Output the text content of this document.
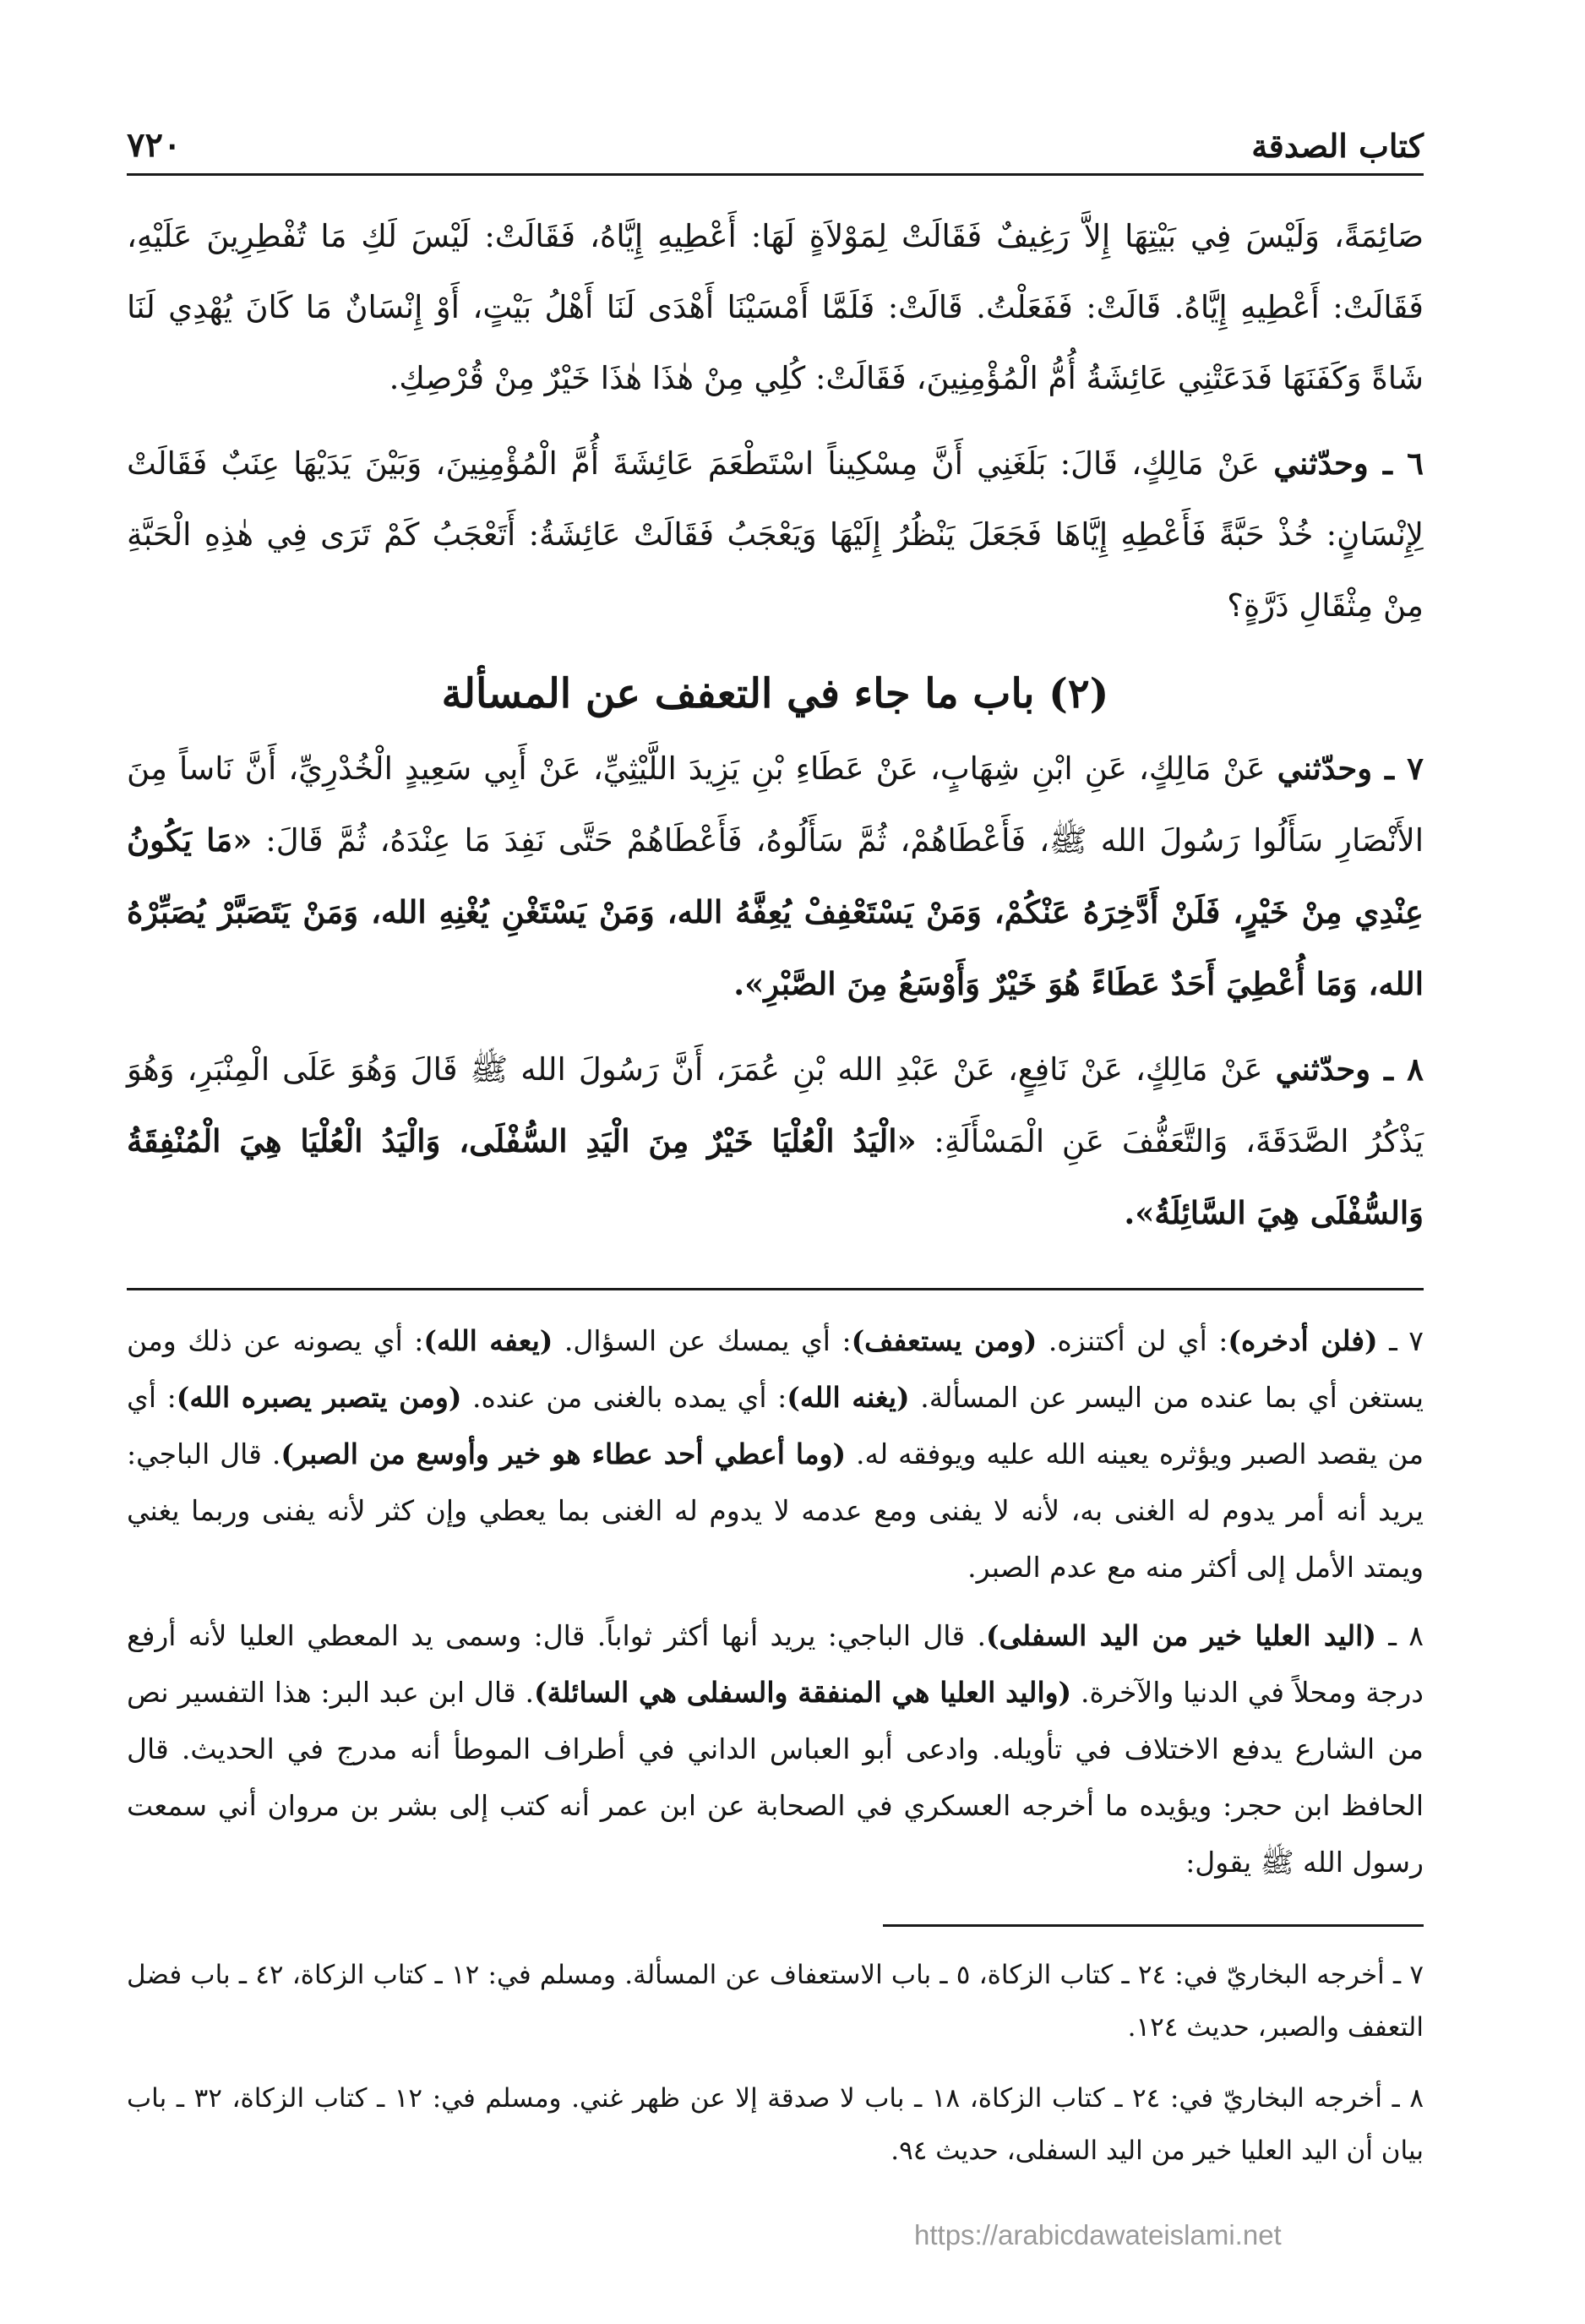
كتاب الصدقة
٧٢٠

صَائِمَةً، وَلَيْسَ فِي بَيْتِهَا إِلاَّ رَغِيفٌ فَقَالَتْ لِمَوْلاَةٍ لَهَا: أَعْطِيهِ إِيَّاهُ، فَقَالَتْ: لَيْسَ لَكِ مَا تُفْطِرِينَ عَلَيْهِ، فَقَالَتْ: أَعْطِيهِ إِيَّاهُ. قَالَتْ: فَفَعَلْتُ. قَالَتْ: فَلَمَّا أَمْسَيْنَا أَهْدَى لَنَا أَهْلُ بَيْتٍ، أَوْ إِنْسَانٌ مَا كَانَ يُهْدِي لَنَا شَاةً وَكَفَنَهَا فَدَعَتْنِي عَائِشَةُ أُمُّ الْمُؤْمِنِينَ، فَقَالَتْ: كُلِي مِنْ هٰذَا هٰذَا خَيْرٌ مِنْ قُرْصِكِ.

٦ ـ وحدّثني عَنْ مَالِكٍ، قَالَ: بَلَغَنِي أَنَّ مِسْكِيناً اسْتَطْعَمَ عَائِشَةَ أُمَّ الْمُؤْمِنِينَ، وَبَيْنَ يَدَيْهَا عِنَبٌ فَقَالَتْ لِإِنْسَانٍ: خُذْ حَبَّةً فَأَعْطِهِ إِيَّاهَا فَجَعَلَ يَنْظُرُ إِلَيْهَا وَيَعْجَبُ فَقَالَتْ عَائِشَةُ: أَتَعْجَبُ كَمْ تَرَى فِي هٰذِهِ الْحَبَّةِ مِنْ مِثْقَالِ ذَرَّةٍ؟

(٢) باب ما جاء في التعفف عن المسألة

٧ ـ وحدّثني عَنْ مَالِكٍ، عَنِ ابْنِ شِهَابٍ، عَنْ عَطَاءِ بْنِ يَزِيدَ اللَّيْثِيِّ، عَنْ أَبِي سَعِيدٍ الْخُدْرِيِّ، أَنَّ نَاساً مِنَ الأَنْصَارِ سَأَلُوا رَسُولَ الله ﷺ، فَأَعْطَاهُمْ، ثُمَّ سَأَلُوهُ، فَأَعْطَاهُمْ حَتَّى نَفِدَ مَا عِنْدَهُ، ثُمَّ قَالَ: «مَا يَكُونُ عِنْدِي مِنْ خَيْرٍ، فَلَنْ أَدَّخِرَهُ عَنْكُمْ، وَمَنْ يَسْتَعْفِفْ يُعِفَّهُ الله، وَمَنْ يَسْتَغْنِ يُغْنِهِ الله، وَمَنْ يَتَصَبَّرْ يُصَبِّرْهُ الله، وَمَا أُعْطِيَ أَحَدٌ عَطَاءً هُوَ خَيْرٌ وَأَوْسَعُ مِنَ الصَّبْرِ».

٨ ـ وحدّثني عَنْ مَالِكٍ، عَنْ نَافِعٍ، عَنْ عَبْدِ الله بْنِ عُمَرَ، أَنَّ رَسُولَ الله ﷺ قَالَ وَهُوَ عَلَى الْمِنْبَرِ، وَهُوَ يَذْكُرُ الصَّدَقَةَ، وَالتَّعَفُّفَ عَنِ الْمَسْأَلَةِ: «الْيَدُ الْعُلْيَا خَيْرٌ مِنَ الْيَدِ السُّفْلَى، وَالْيَدُ الْعُلْيَا هِيَ الْمُنْفِقَةُ وَالسُّفْلَى هِيَ السَّائِلَةُ».

٧ ـ (فلن أدخره): أي لن أكتنزه. (ومن يستعفف): أي يمسك عن السؤال. (يعفه الله): أي يصونه عن ذلك ومن يستغن أي بما عنده من اليسر عن المسألة. (يغنه الله): أي يمده بالغنى من عنده. (ومن يتصبر يصبره الله): أي من يقصد الصبر ويؤثره يعينه الله عليه ويوفقه له. (وما أعطي أحد عطاء هو خير وأوسع من الصبر). قال الباجي: يريد أنه أمر يدوم له الغنى به، لأنه لا يفنى ومع عدمه لا يدوم له الغنى بما يعطي وإن كثر لأنه يفنى وربما يغني ويمتد الأمل إلى أكثر منه مع عدم الصبر.

٨ ـ (اليد العليا خير من اليد السفلى). قال الباجي: يريد أنها أكثر ثواباً. قال: وسمى يد المعطي العليا لأنه أرفع درجة ومحلاً في الدنيا والآخرة. (واليد العليا هي المنفقة والسفلى هي السائلة). قال ابن عبد البر: هذا التفسير نص من الشارع يدفع الاختلاف في تأويله. وادعى أبو العباس الداني في أطراف الموطأ أنه مدرج في الحديث. قال الحافظ ابن حجر: ويؤيده ما أخرجه العسكري في الصحابة عن ابن عمر أنه كتب إلى بشر بن مروان أني سمعت رسول الله ﷺ يقول:

٧ ـ أخرجه البخاريّ في: ٢٤ ـ كتاب الزكاة، ٥ ـ باب الاستعفاف عن المسألة. ومسلم في: ١٢ ـ كتاب الزكاة، ٤٢ ـ باب فضل التعفف والصبر، حديث ١٢٤.

٨ ـ أخرجه البخاريّ في: ٢٤ ـ كتاب الزكاة، ١٨ ـ باب لا صدقة إلا عن ظهر غني. ومسلم في: ١٢ ـ كتاب الزكاة، ٣٢ ـ باب بيان أن اليد العليا خير من اليد السفلى، حديث ٩٤.

https://arabicdawateislami.net
